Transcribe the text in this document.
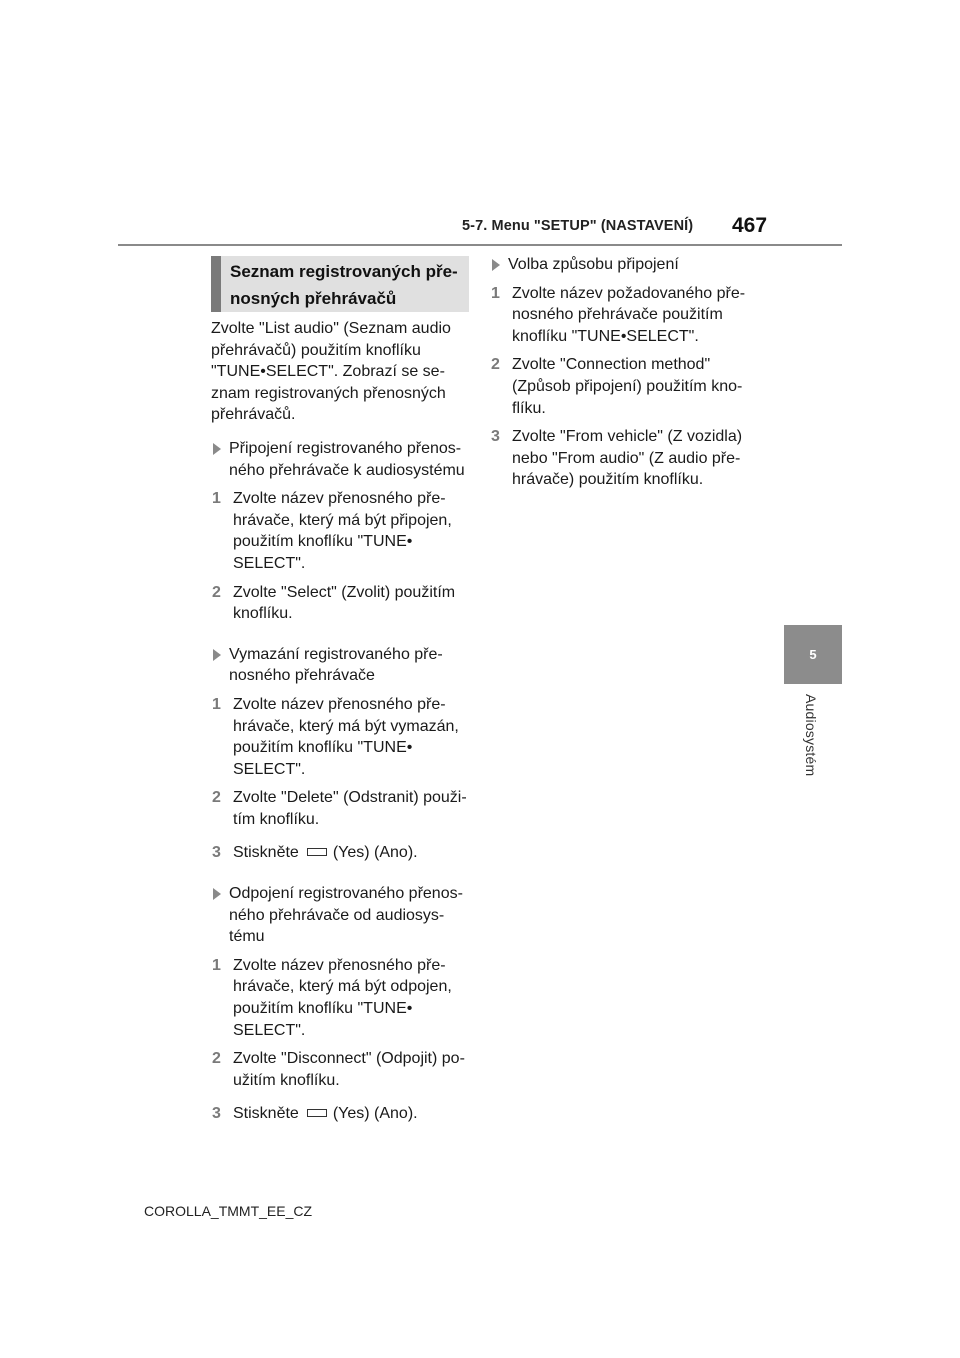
5-7. Menu "SETUP" (NASTAVENÍ) 467
5
Audiosystém
Seznam registrovaných pře-
nosných přehrávačů
Zvolte "List audio" (Seznam audio
přehrávačů) použitím knoflíku
"TUNE•SELECT". Zobrazí se se-
znam registrovaných přenosných
přehrávačů.
Připojení registrovaného přenos-
ného přehrávače k audiosystému
1 Zvolte název přenosného pře-
hrávače, který má být připojen,
použitím knoflíku "TUNE•
SELECT".
2 Zvolte "Select" (Zvolit) použitím
knoflíku.
Vymazání registrovaného pře-
nosného přehrávače
1 Zvolte název přenosného pře-
hrávače, který má být vymazán,
použitím knoflíku "TUNE•
SELECT".
2 Zvolte "Delete" (Odstranit) použi-
tím knoflíku.
3 Stiskněte (Yes) (Ano).
Odpojení registrovaného přenos-
ného přehrávače od audiosys-
tému
1 Zvolte název přenosného pře-
hrávače, který má být odpojen,
použitím knoflíku "TUNE•
SELECT".
2 Zvolte "Disconnect" (Odpojit) po-
užitím knoflíku.
3 Stiskněte (Yes) (Ano).
Volba způsobu připojení
1 Zvolte název požadovaného pře-
nosného přehrávače použitím
knoflíku "TUNE•SELECT".
2 Zvolte "Connection method"
(Způsob připojení) použitím kno-
flíku.
3 Zvolte "From vehicle" (Z vozidla)
nebo "From audio" (Z audio pře-
hrávače) použitím knoflíku.
COROLLA_TMMT_EE_CZ
